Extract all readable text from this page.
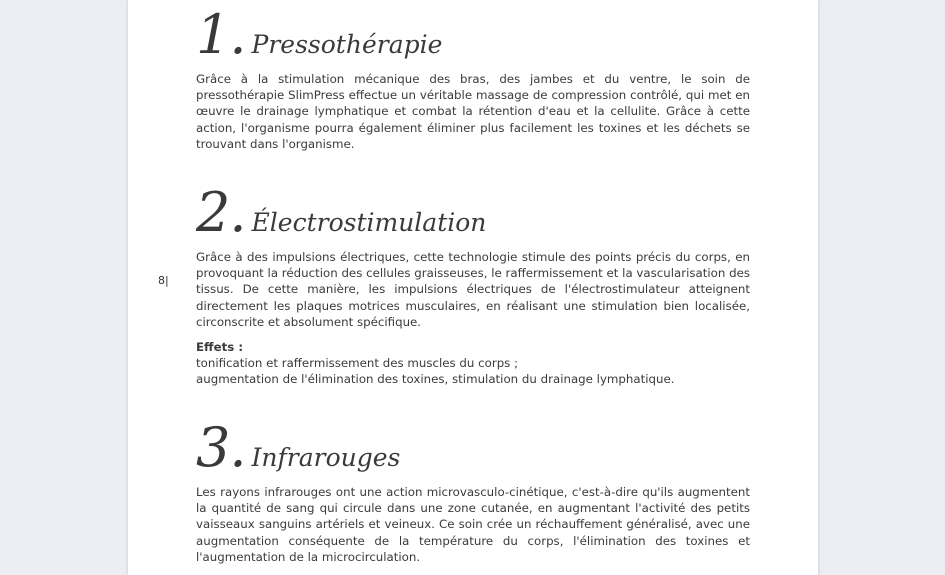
8|
1. Pressothérapie

Grâce à la stimulation mécanique des bras, des jambes et du ventre, le soin de pressothérapie SlimPress effectue un véritable massage de compression contrôlé, qui met en œuvre le drainage lymphatique et combat la rétention d'eau et la cellulite. Grâce à cette action, l'organisme pourra également éliminer plus facilement les toxines et les déchets se trouvant dans l'organisme.

2. Électrostimulation

Grâce à des impulsions électriques, cette technologie stimule des points précis du corps, en provoquant la réduction des cellules graisseuses, le raffermissement et la vascularisation des tissus. De cette manière, les impulsions électriques de l'électrostimulateur atteignent directement les plaques motrices musculaires, en réalisant une stimulation bien localisée, circonscrite et absolument spécifique.

Effets :
tonification et raffermissement des muscles du corps ;
augmentation de l'élimination des toxines, stimulation du drainage lymphatique.
3. Infrarouges

Les rayons infrarouges ont une action microvasculo-cinétique, c'est-à-dire qu'ils augmentent la quantité de sang qui circule dans une zone cutanée, en augmentant l'activité des petits vaisseaux sanguins artériels et veineux. Ce soin crée un réchauffement généralisé, avec une augmentation conséquente de la température du corps, l'élimination des toxines et l'augmentation de la microcirculation.
